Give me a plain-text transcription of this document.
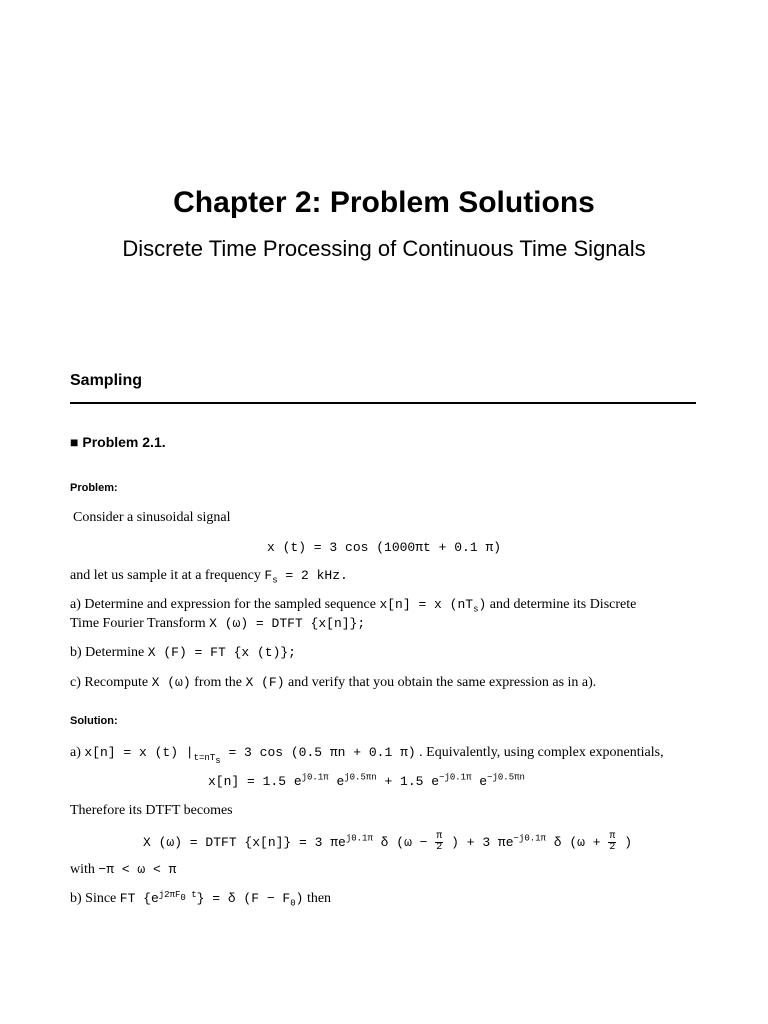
Chapter 2: Problem Solutions
Discrete Time Processing of Continuous Time Signals
Sampling
■ Problem 2.1.
Problem:
Consider a sinusoidal signal
x (t) = 3 cos (1000πt + 0.1 π)
and let us sample it at a frequency $F_s = 2$ kHz.
a) Determine and expression for the sampled sequence x[n] = x $(nT_s)$ and determine its Discrete
Time Fourier Transform X (ω) = DTFT {x[n]};
b) Determine X (F) = FT {x (t)};
c) Recompute X (ω) from the X (F) and verify that you obtain the same expression as in a).
Solution:
a) x[n] = x (t) $|_{t=nT_s} = 3$ cos (0.5 πn + 0.1 π) . Equivalently, using complex exponentials,
x[n] = 1.5 $e^{j0.1\pi}$ $e^{j0.5\pi n} + 1.5$ $e^{-j0.1\pi}$ $e^{-j0.5\pi n}$
Therefore its DTFT becomes
X (ω) = DTFT {x[n]} = 3 $\pi e^{j0.1\pi}$ δ ($\omega - \frac{\pi}{2}$ ) + 3 $\pi e^{-j0.1\pi}$ δ ($\omega + \frac{\pi}{2}$ )
with −π < ω < π
b) Since FT $\{e^{j2\pi F_0 t}\} = \delta$ $(F - F_0)$ then
